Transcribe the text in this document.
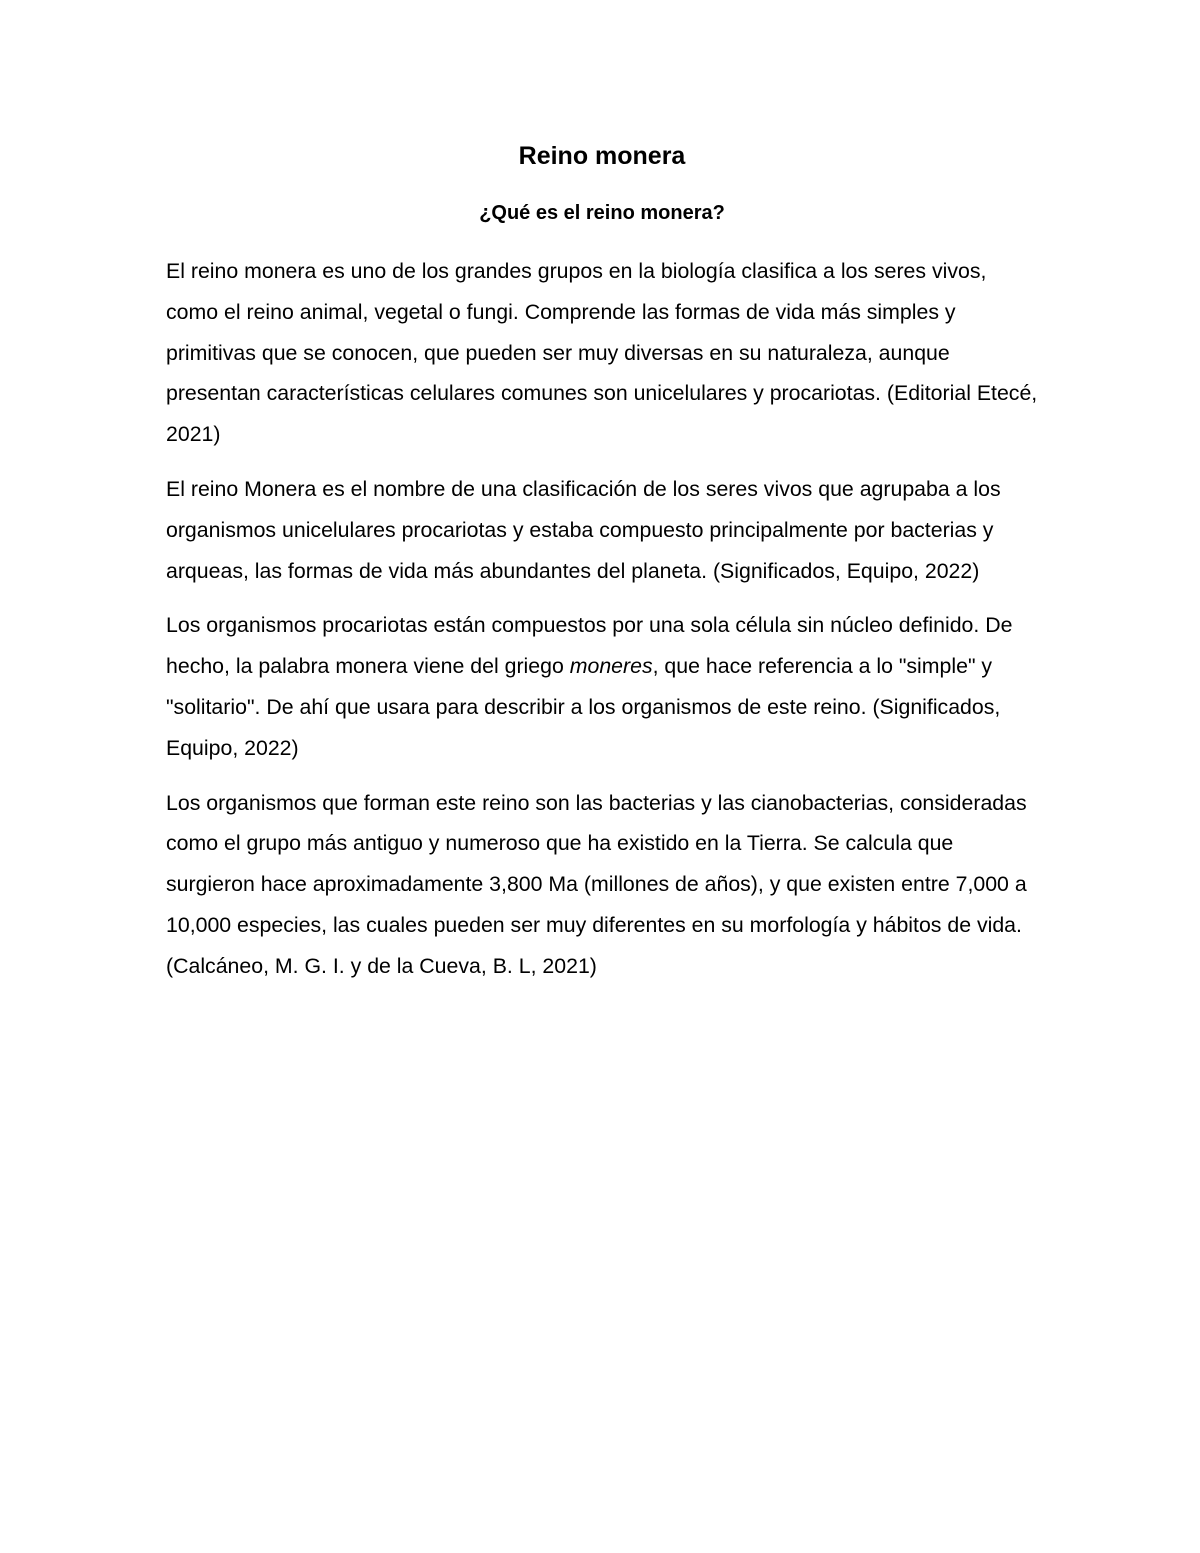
Reino monera
¿Qué es el reino monera?

El reino monera es uno de los grandes grupos en la biología clasifica a los seres vivos, como el reino animal, vegetal o fungi. Comprende las formas de vida más simples y primitivas que se conocen, que pueden ser muy diversas en su naturaleza, aunque presentan características celulares comunes son unicelulares y procariotas. (Editorial Etecé, 2021)

El reino Monera es el nombre de una clasificación de los seres vivos que agrupaba a los organismos unicelulares procariotas y estaba compuesto principalmente por bacterias y arqueas, las formas de vida más abundantes del planeta. (Significados, Equipo, 2022)

Los organismos procariotas están compuestos por una sola célula sin núcleo definido. De hecho, la palabra monera viene del griego moneres, que hace referencia a lo "simple" y "solitario". De ahí que usara para describir a los organismos de este reino. (Significados, Equipo, 2022)

Los organismos que forman este reino son las bacterias y las cianobacterias, consideradas como el grupo más antiguo y numeroso que ha existido en la Tierra. Se calcula que surgieron hace aproximadamente 3,800 Ma (millones de años), y que existen entre 7,000 a 10,000 especies, las cuales pueden ser muy diferentes en su morfología y hábitos de vida. (Calcáneo, M. G. I. y de la Cueva, B. L, 2021)
